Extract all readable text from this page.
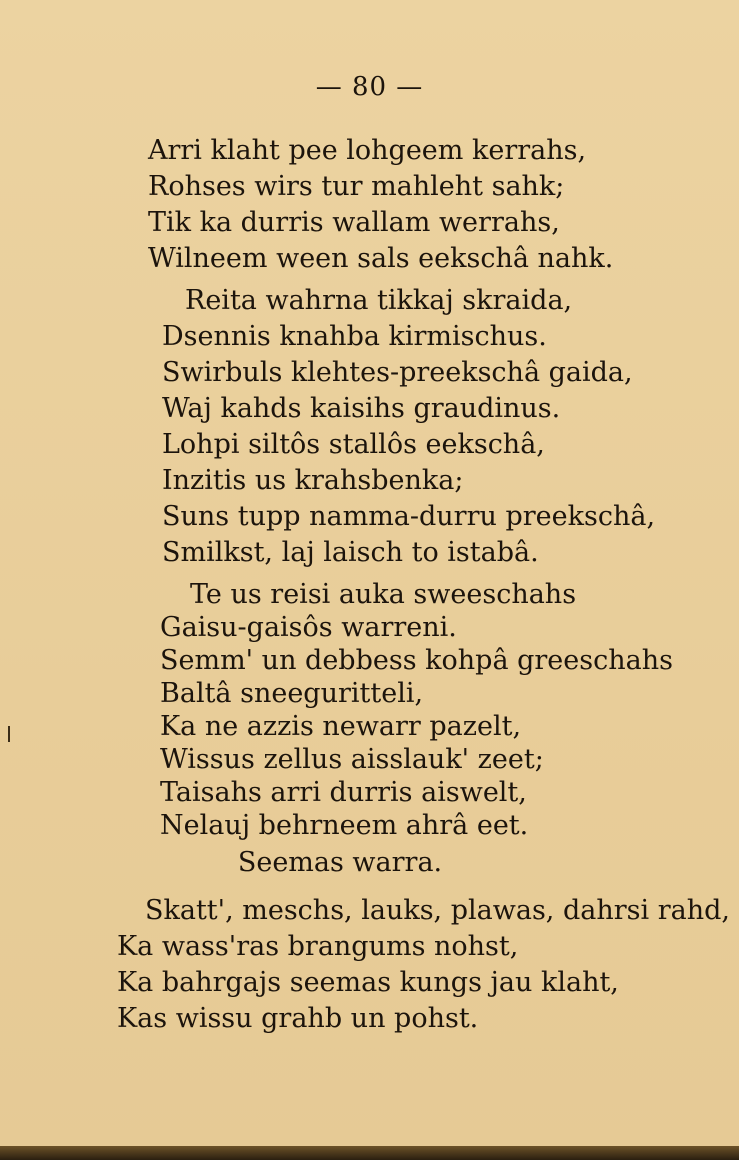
— 80 —
Arri klaht pee lohgeem kerrahs,
Rohses wirs tur mahleht sahk;
Tik ka durris wallam werrahs,
Wilneem ween sals eekschâ nahk.
Reita wahrna tikkaj skraida,
Dsennis knahba kirmischus.
Swirbuls klehtes-preekschâ gaida,
Waj kahds kaisihs graudinus.
Lohpi siltôs stallôs eekschâ,
Inzitis us krahsbenka;
Suns tupp namma-durru preekschâ,
Smilkst, laj laisch to istabâ.
Te us reisi auka sweeschahs
Gaisu-gaisôs warreni.
Semm' un debbess kohpâ greeschahs
Baltâ sneeguritteli,
Ka ne azzis newarr pazelt,
Wissus zellus aisslauk' zeet;
Taisahs arri durris aiswelt,
Seemas warra.
Skatt', meschs, lauks, plawas, dahrsi rahd,
Ka wass'ras brangums nohst,
Ka bahrgajs seemas kungs jau klaht,
Kas wissu grahb un pohst.
Nelauj behrneem ahrâ eet.
